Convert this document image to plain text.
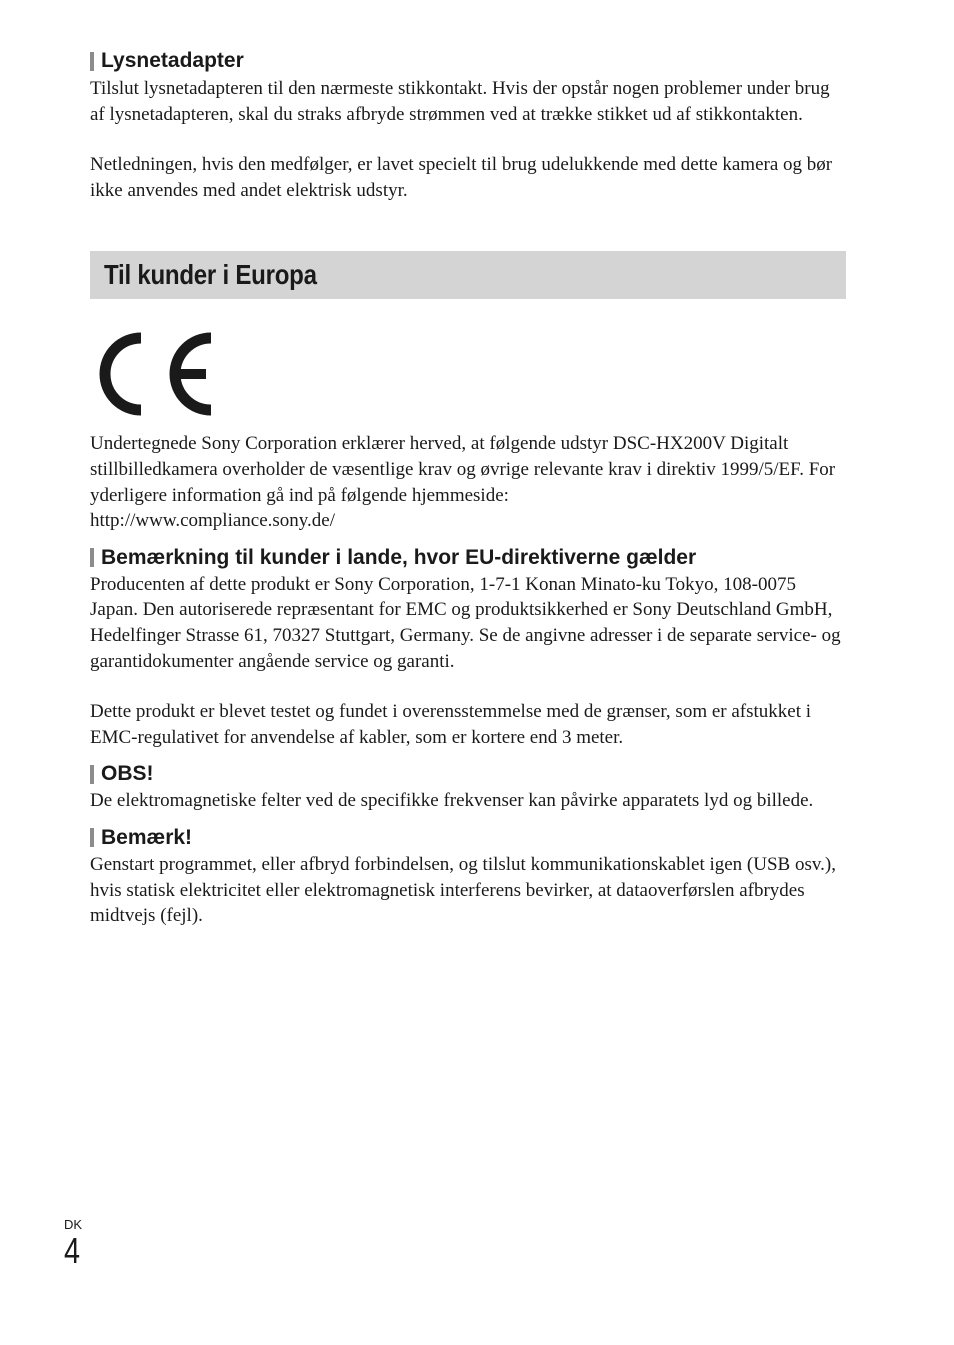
Lysnetadapter

Tilslut lysnetadapteren til den nærmeste stikkontakt. Hvis der opstår nogen problemer under brug af lysnetadapteren, skal du straks afbryde strømmen ved at trække stikket ud af stikkontakten.

Netledningen, hvis den medfølger, er lavet specielt til brug udelukkende med dette kamera og bør ikke anvendes med andet elektrisk udstyr.

Til kunder i Europa

Undertegnede Sony Corporation erklærer herved, at følgende udstyr DSC-HX200V Digitalt stillbilledkamera overholder de væsentlige krav og øvrige relevante krav i direktiv 1999/5/EF. For yderligere information gå ind på følgende hjemmeside:
http://www.compliance.sony.de/

Bemærkning til kunder i lande, hvor EU-direktiverne gælder

Producenten af dette produkt er Sony Corporation, 1-7-1 Konan Minato-ku Tokyo, 108-0075 Japan. Den autoriserede repræsentant for EMC og produktsikkerhed er Sony Deutschland GmbH, Hedelfinger Strasse 61, 70327 Stuttgart, Germany. Se de angivne adresser i de separate service- og garantidokumenter angående service og garanti.

Dette produkt er blevet testet og fundet i overensstemmelse med de grænser, som er afstukket i EMC-regulativet for anvendelse af kabler, som er kortere end 3 meter.

OBS!

De elektromagnetiske felter ved de specifikke frekvenser kan påvirke apparatets lyd og billede.

Bemærk!

Genstart programmet, eller afbryd forbindelsen, og tilslut kommunikationskablet igen (USB osv.), hvis statisk elektricitet eller elektromagnetisk interferens bevirker, at dataoverførslen afbrydes midtvejs (fejl).

DK
4
